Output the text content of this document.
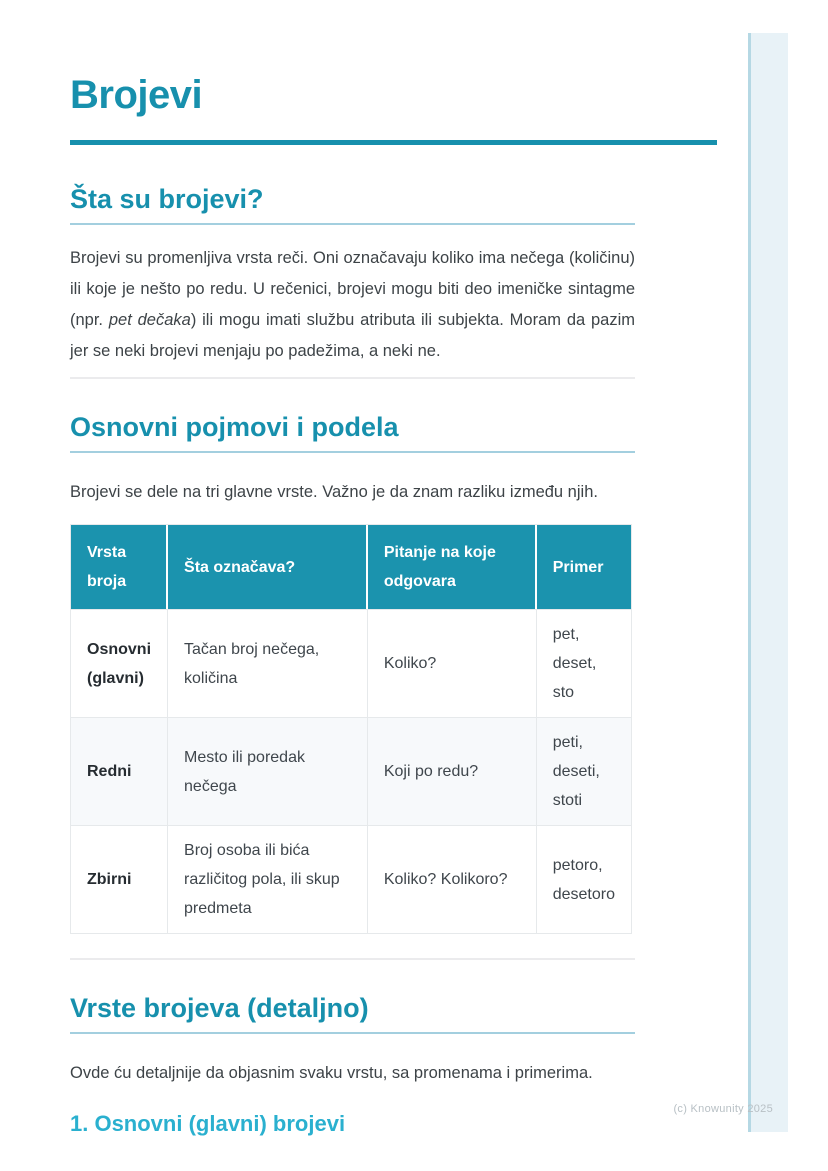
Brojevi
Šta su brojevi?

Brojevi su promenljiva vrsta reči. Oni označavaju koliko ima nečega (količinu) ili koje je nešto po redu. U rečenici, brojevi mogu biti deo imeničke sintagme (npr. pet dečaka) ili mogu imati službu atributa ili subjekta. Moram da pazim jer se neki brojevi menjaju po padežima, a neki ne.

Osnovni pojmovi i podela

Brojevi se dele na tri glavne vrste. Važno je da znam razliku između njih.

Vrsta broja	Šta označava?	Pitanje na koje odgovara	Primer
Osnovni (glavni)	Tačan broj nečega, količina	Koliko?	pet, deset, sto
Redni	Mesto ili poredak nečega	Koji po redu?	peti, deseti, stoti
Zbirni	Broj osoba ili bića različitog pola, ili skup predmeta	Koliko? Kolikoro?	petoro, desetoro
Vrste brojeva (detaljno)

Ovde ću detaljnije da objasnim svaku vrstu, sa promenama i primerima.

1. Osnovni (glavni) brojevi
(c) Knowunity 2025
